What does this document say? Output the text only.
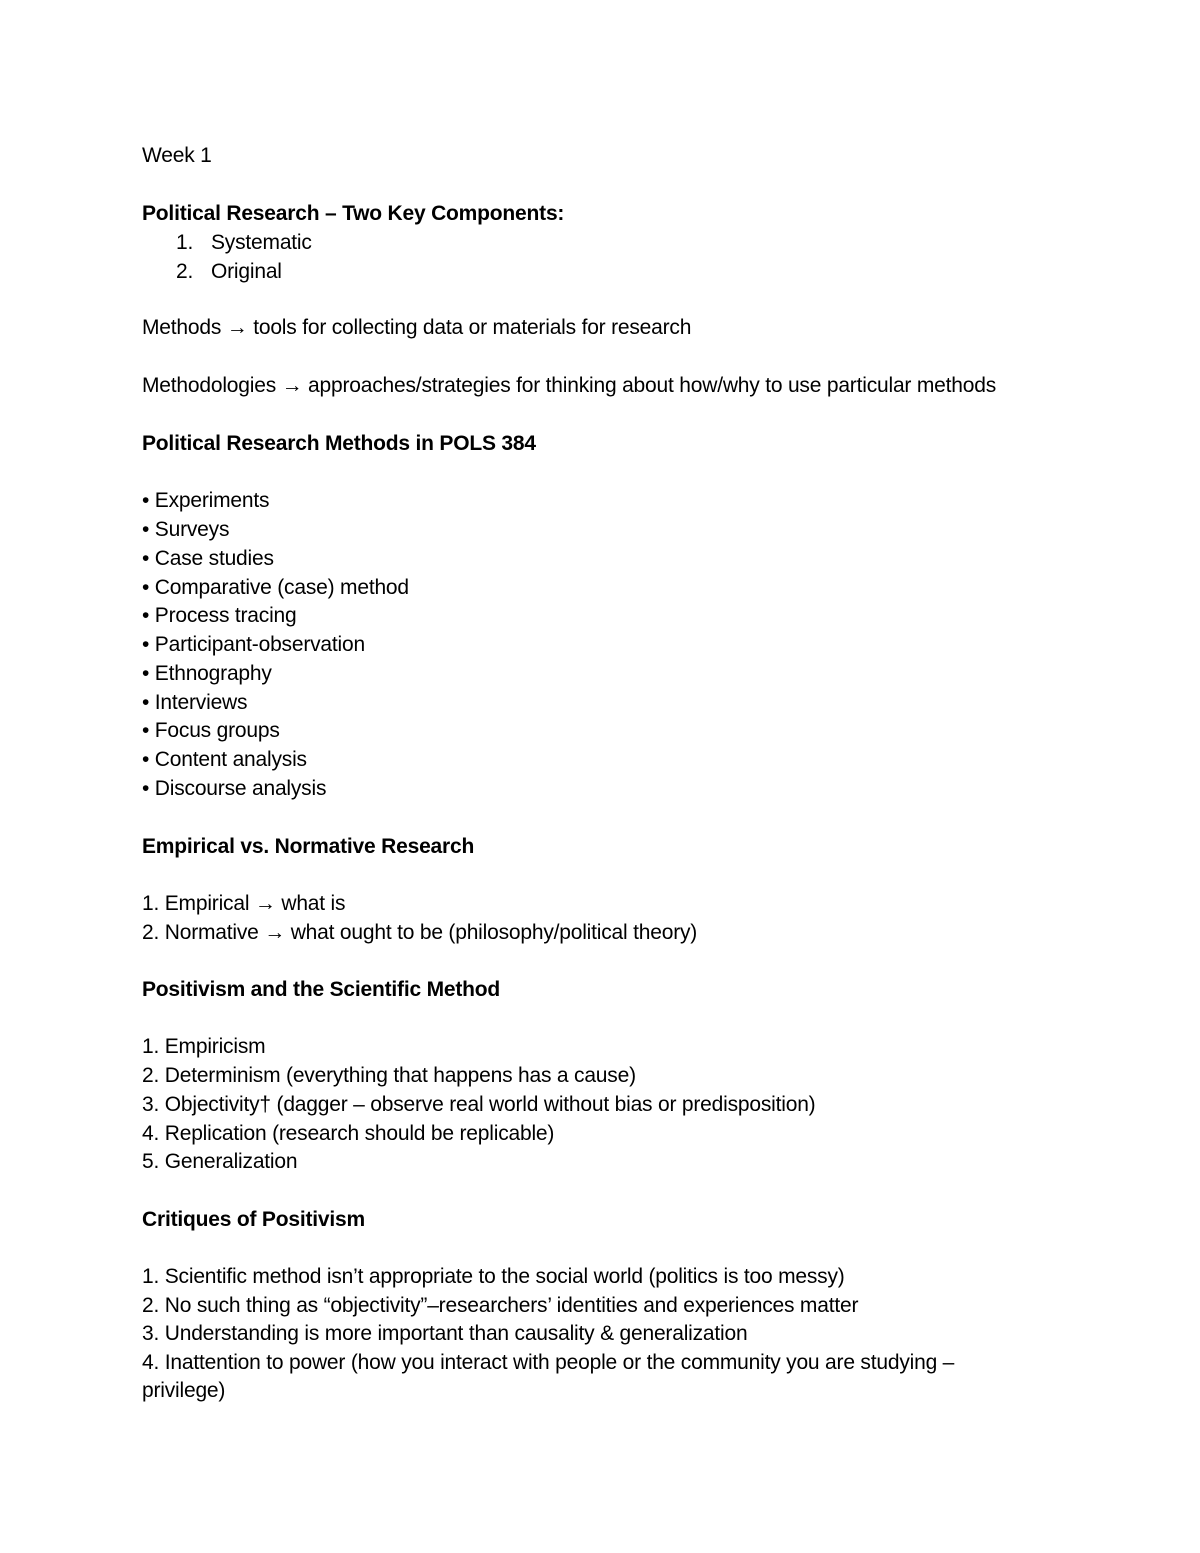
Week 1
Political Research – Two Key Components:
1. Systematic
2. Original
Methods → tools for collecting data or materials for research
Methodologies → approaches/strategies for thinking about how/why to use particular methods
Political Research Methods in POLS 384
• Experiments
• Surveys
• Case studies
• Comparative (case) method
• Process tracing
• Participant-observation
• Ethnography
• Interviews
• Focus groups
• Content analysis
• Discourse analysis
Empirical vs. Normative Research
1. Empirical → what is
2. Normative → what ought to be (philosophy/political theory)
Positivism and the Scientific Method
1. Empiricism
2. Determinism (everything that happens has a cause)
3. Objectivity† (dagger – observe real world without bias or predisposition)
4. Replication (research should be replicable)
5. Generalization
Critiques of Positivism
1. Scientific method isn’t appropriate to the social world (politics is too messy)
2. No such thing as “objectivity”–researchers’ identities and experiences matter
3. Understanding is more important than causality & generalization
4. Inattention to power (how you interact with people or the community you are studying – privilege)
